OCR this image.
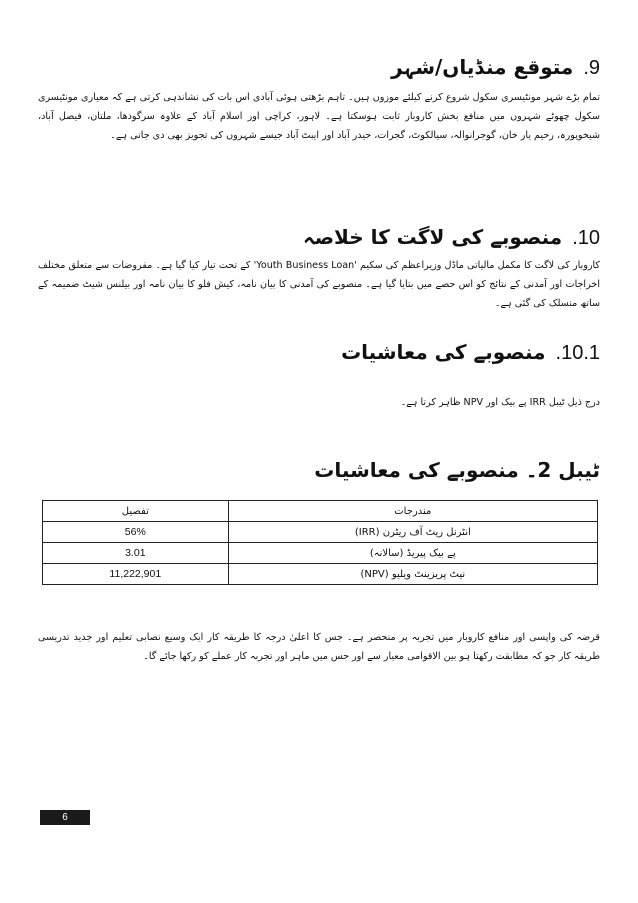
.9
متوقع منڈیاں/شہر
تمام بڑے شہر مونٹیسری سکول شروع کرنے کیلئے موزوں ہیں۔ تاہم بڑھتی ہوئی آبادی اس بات کی نشاندہی کرتی ہے کہ معیاری مونٹیسری سکول چھوٹے شہروں میں منافع بخش کاروبار ثابت ہوسکتا ہے۔ لاہور، کراچی اور اسلام آباد کے علاوہ سرگودھا، ملتان، فیصل آباد، شیخوپورہ، رحیم یار خان، گوجرانوالہ، سیالکوٹ، گجرات، حیدر آباد اور ایبٹ آباد جیسے شہروں کی تجویز بھی دی جاتی ہے۔
.10
منصوبے کی لاگت کا خلاصہ
کاروبار کی لاگت کا مکمل مالیاتی ماڈل وزیراعظم کی سکیم 'Youth Business Loan' کے تحت تیار کیا گیا ہے۔ مفروضات سے متعلق مختلف اخراجات اور آمدنی کے نتائج کو اس حصے میں بتایا گیا ہے۔ منصوبے کی آمدنی کا بیان نامہ، کیش فلو کا بیان نامہ اور بیلنس شیٹ ضمیمہ کے ساتھ منسلک کی گئی ہے۔
.10.1
منصوبے کی معاشیات
درج ذیل ٹیبل IRR پے بیک اور NPV ظاہر کرتا ہے۔
ٹیبل 2۔ منصوبے کی معاشیات
تفصیل	مندرجات
56%	انٹرنل ریٹ آف ریٹرن (IRR)
3.01	پے بیک پیریڈ (سالانہ)
11,222,901	نیٹ پریزینٹ ویلیو (NPV)
قرضہ کی واپسی اور منافع کاروبار میں تجربہ پر منحصر ہے۔ جس کا اعلیٰ درجہ کا طریقہ کار ایک وسیع نصابی تعلیم اور جدید تدریسی طریقہ کار جو کہ مطابقت رکھتا ہو بین الاقوامی معیار سے اور جس میں ماہر اور تجربہ کار عملے کو رکھا جائے گا۔
6
